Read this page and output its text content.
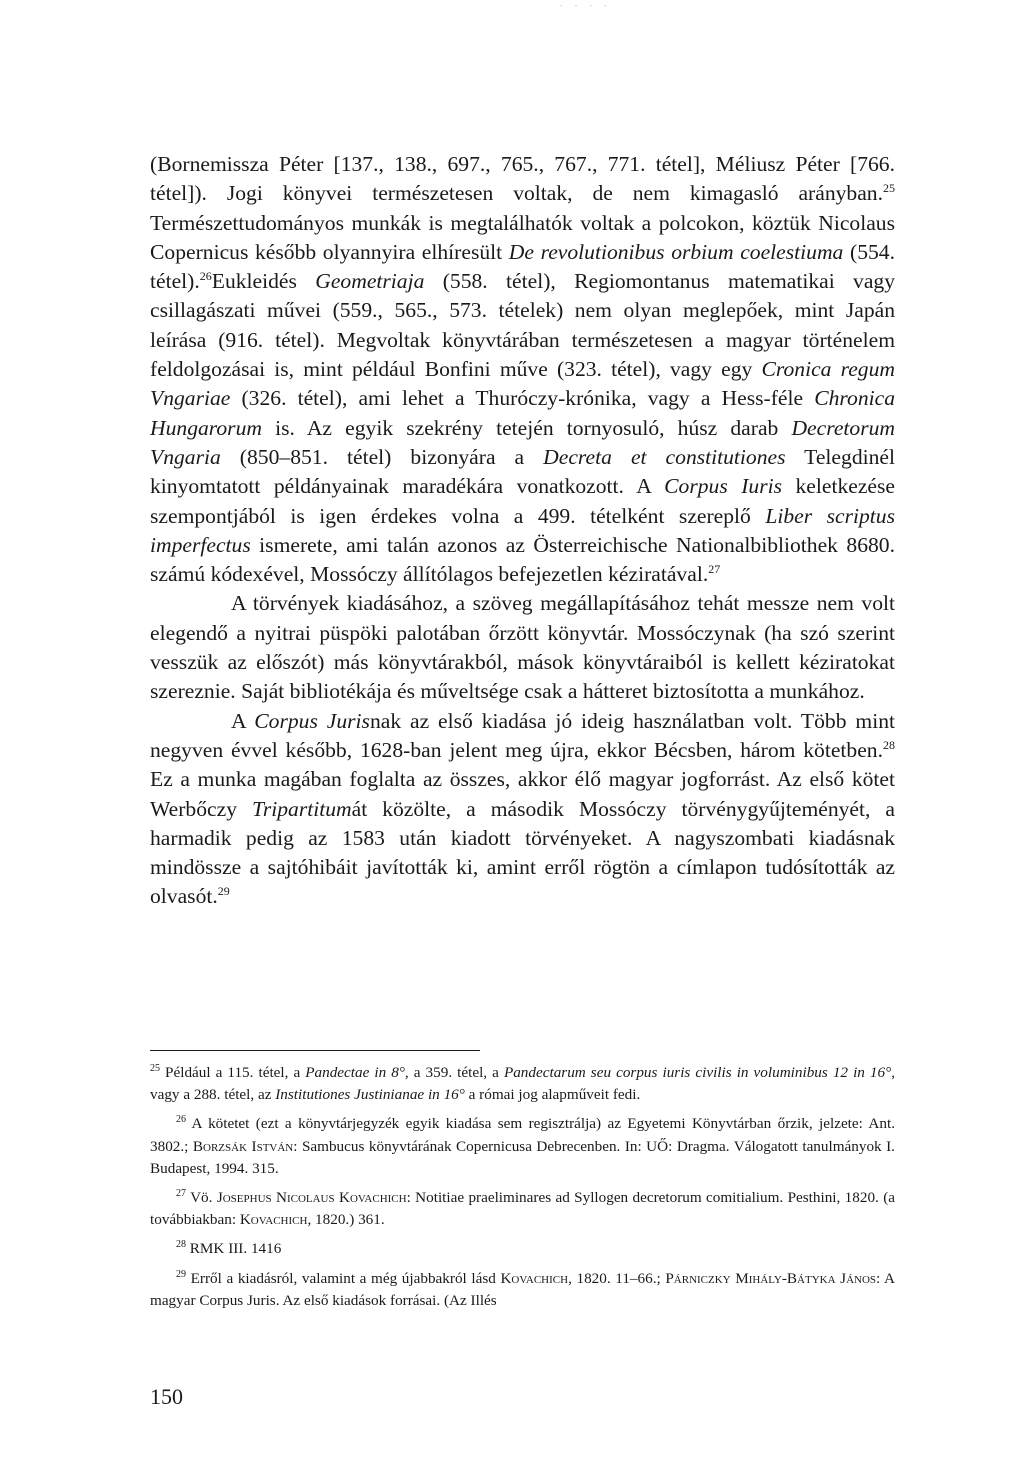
- - - -

(Bornemissza Péter [137., 138., 697., 765., 767., 771. tétel], Méliusz Péter [766. tétel]). Jogi könyvei természetesen voltak, de nem kimagasló arányban.$^{25}$ Természettudományos munkák is megtalálhatók voltak a polcokon, köztük Nicolaus Copernicus később olyannyira elhíresült De revolutionibus orbium coelestiuma (554. tétel).$^{26}$Eukleidés Geometriaja (558. tétel), Regiomontanus matematikai vagy csillagászati művei (559., 565., 573. tételek) nem olyan meglepőek, mint Japán leírása (916. tétel). Megvoltak könyvtárában természetesen a magyar történelem feldolgozásai is, mint például Bonfini műve (323. tétel), vagy egy Cronica regum Vngariae (326. tétel), ami lehet a Thuróczy-krónika, vagy a Hess-féle Chronica Hungarorum is. Az egyik szekrény tetején tornyosuló, húsz darab Decretorum Vngaria (850–851. tétel) bizonyára a Decreta et constitutiones Telegdinél kinyomtatott példányainak maradékára vonatkozott. A Corpus Iuris keletkezése szempontjából is igen érdekes volna a 499. tételként szereplő Liber scriptus imperfectus ismerete, ami talán azonos az Österreichische Nationalbibliothek 8680. számú kódexével, Mossóczy állítólagos befejezetlen kéziratával.$^{27}$

A törvények kiadásához, a szöveg megállapításához tehát messze nem volt elegendő a nyitrai püspöki palotában őrzött könyvtár. Mossóczynak (ha szó szerint vesszük az előszót) más könyvtárakból, mások könyvtáraiból is kellett kéziratokat szereznie. Saját bibliotékája és műveltsége csak a hátteret biztosította a munkához.

A Corpus Jurisnak az első kiadása jó ideig használatban volt. Több mint negyven évvel később, 1628-ban jelent meg újra, ekkor Bécsben, három kötetben.$^{28}$ Ez a munka magában foglalta az összes, akkor élő magyar jogforrást. Az első kötet Werbőczy Tripartitumát közölte, a második Mossóczy törvénygyűjteményét, a harmadik pedig az 1583 után kiadott törvényeket. A nagyszombati kiadásnak mindössze a sajtóhibáit javították ki, amint erről rögtön a címlapon tudósították az olvasót.$^{29}$

$^{25}$ Például a 115. tétel, a Pandectae in 8°, a 359. tétel, a Pandectarum seu corpus iuris civilis in voluminibus 12 in 16°, vagy a 288. tétel, az Institutiones Justinianae in 16° a római jog alapműveit fedi.

$^{26}$ A kötetet (ezt a könyvtárjegyzék egyik kiadása sem regisztrálja) az Egyetemi Könyvtárban őrzik, jelzete: Ant. 3802.; Borzsák István: Sambucus könyvtárának Copernicusa Debrecenben. In: UŐ: Dragma. Válogatott tanulmányok I. Budapest, 1994. 315.

$^{27}$ Vö. Josephus Nicolaus Kovachich: Notitiae praeliminares ad Syllogen decretorum comitialium. Pesthini, 1820. (a továbbiakban: Kovachich, 1820.) 361.

$^{28}$ RMK III. 1416

$^{29}$ Erről a kiadásról, valamint a még újabbakról lásd Kovachich, 1820. 11–66.; Párniczky Mihály-Bátyka János: A magyar Corpus Juris. Az első kiadások forrásai. (Az Illés

150
